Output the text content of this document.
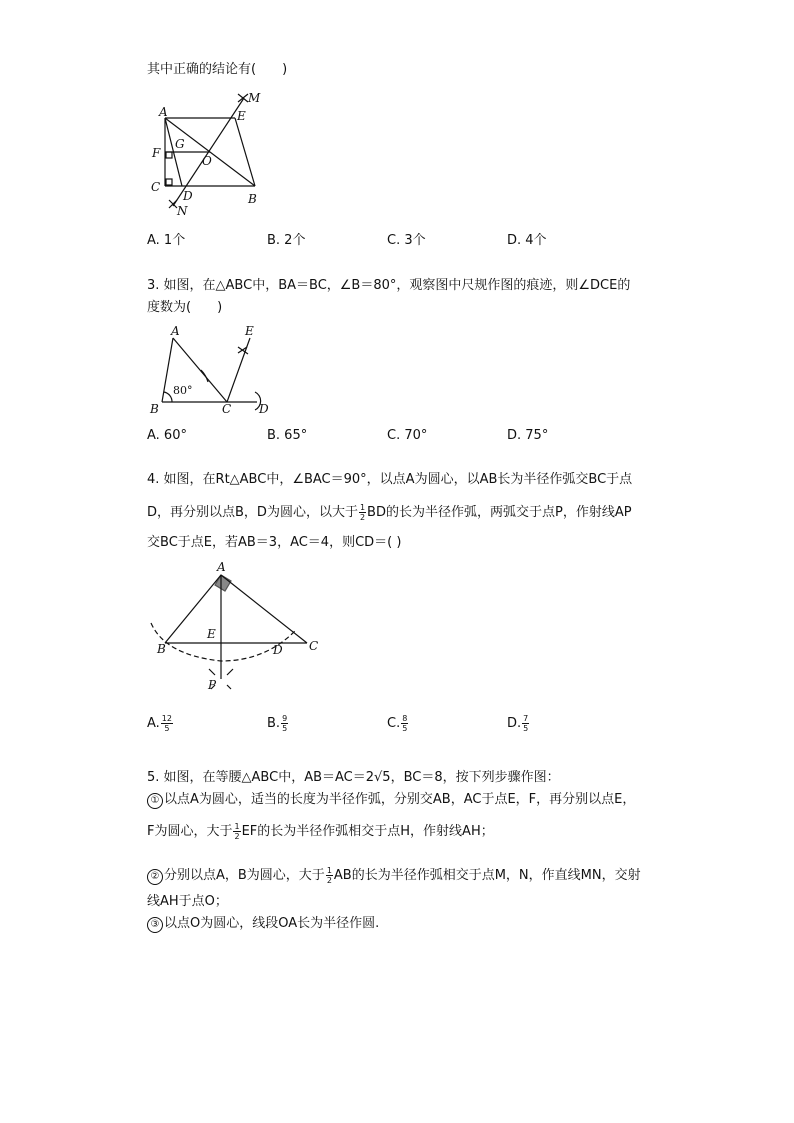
其中正确的结论有(　　)
A	E
M
G
F
O
C
D	B
N
A. 1个	B. 2个	C. 3个	D. 4个
3. 如图，在△ABC中，BA＝BC，∠B＝80°，观察图中尺规作图的痕迹，则∠DCE的
度数为(　　)
A	E
80°
B	C D
A. 60°	B. 65°	C. 70°	D. 75°
4. 如图，在Rt△ABC中，∠BAC＝90°，以点A为圆心，以AB长为半径作弧交BC于点
D，再分别以点B，D为圆心，以大于 $\frac{1}{2}$ BD的长为半径作弧，两弧交于点P，作射线AP
交BC于点E，若AB＝3，AC＝4，则CD＝( )
A
E
B	D C
P
A. $\frac{12}{5}$	B. $\frac{9}{5}$	C. $\frac{8}{5}$	D. $\frac{7}{5}$
5. 如图，在等腰△ABC中，AB＝AC＝2√5，BC＝8，按下列步骤作图：
① 以点A为圆心，适当的长度为半径作弧，分别交AB，AC于点E，F，再分别以点E，
F为圆心，大于 $\frac{1}{2}$ EF的长为半径作弧相交于点H，作射线AH；
② 分别以点A，B为圆心，大于 $\frac{1}{2}$ AB的长为半径作弧相交于点M，N，作直线MN，交射
线AH于点O；
③ 以点O为圆心，线段OA长为半径作圆.
